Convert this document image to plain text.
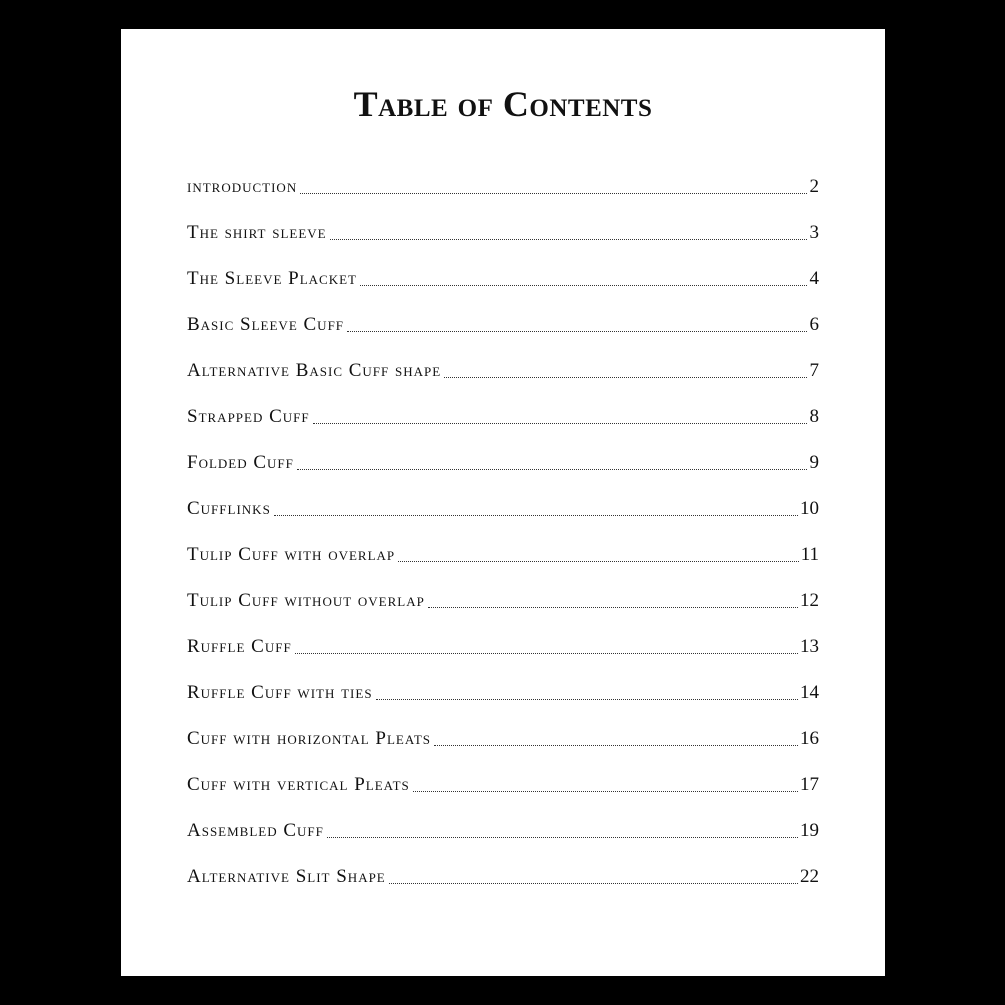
Table of Contents
introduction	2
The shirt sleeve	3
The Sleeve Placket	4
Basic Sleeve Cuff	6
Alternative Basic Cuff shape	7
Strapped Cuff	8
Folded Cuff	9
Cufflinks	10
Tulip Cuff with overlap	11
Tulip Cuff without overlap	12
Ruffle Cuff	13
Ruffle Cuff with ties	14
Cuff with horizontal Pleats	16
Cuff with vertical Pleats	17
Assembled Cuff	19
Alternative Slit Shape	22
